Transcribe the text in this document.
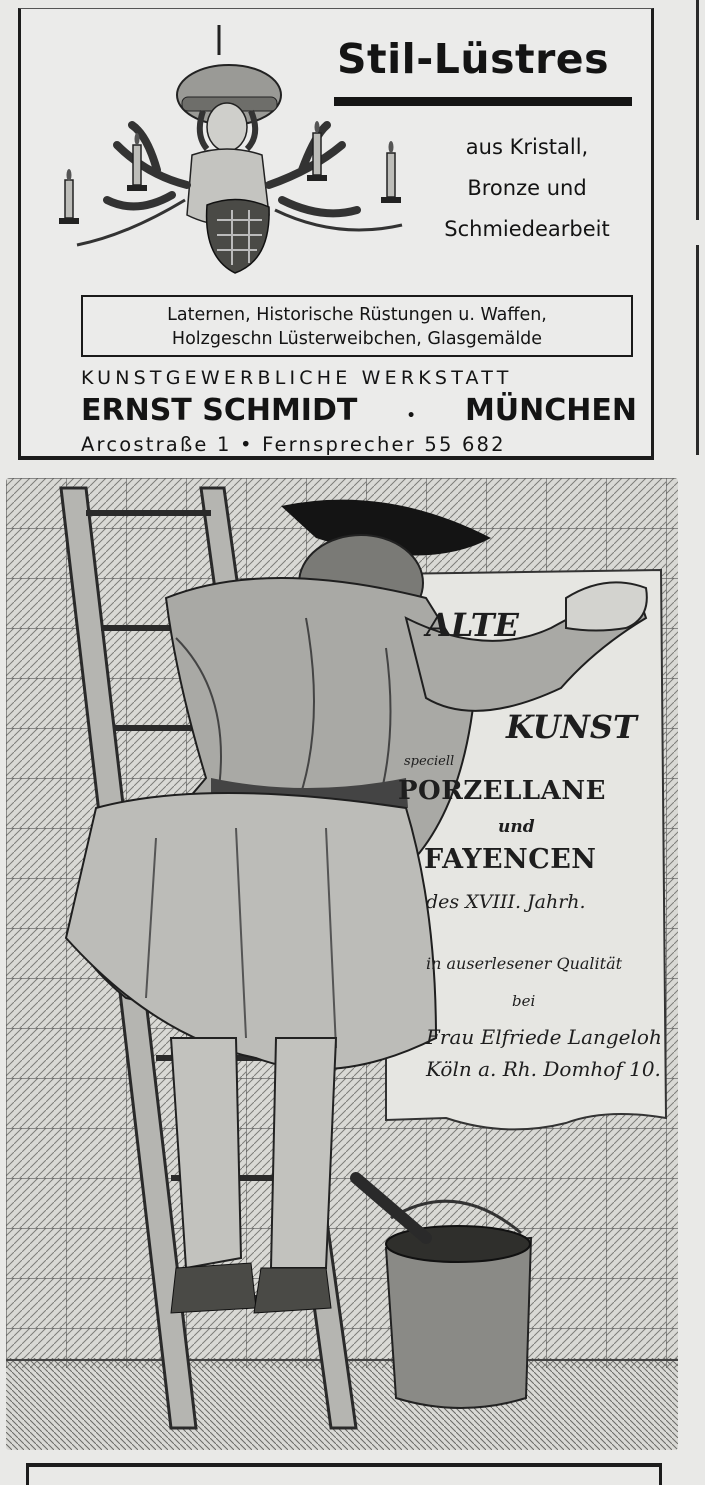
Stil-Lüstres
aus Kristall,
Bronze und
Schmiedearbeit
Laternen, Historische Rüstungen u. Waffen,
Holzgeschn Lüsterweibchen, Glasgemälde
KUNSTGEWERBLICHE WERKSTATT
ERNST SCHMIDT	• MÜNCHEN
Arcostraße 1 • Fernsprecher 55 682
ALTE
KUNST
speciell
PORZELLANE
und
FAYENCEN
des XVIII. Jahrh.
in auserlesener Qualität
bei
Frau Elfriede Langeloh
Köln a. Rh. Domhof 10.
